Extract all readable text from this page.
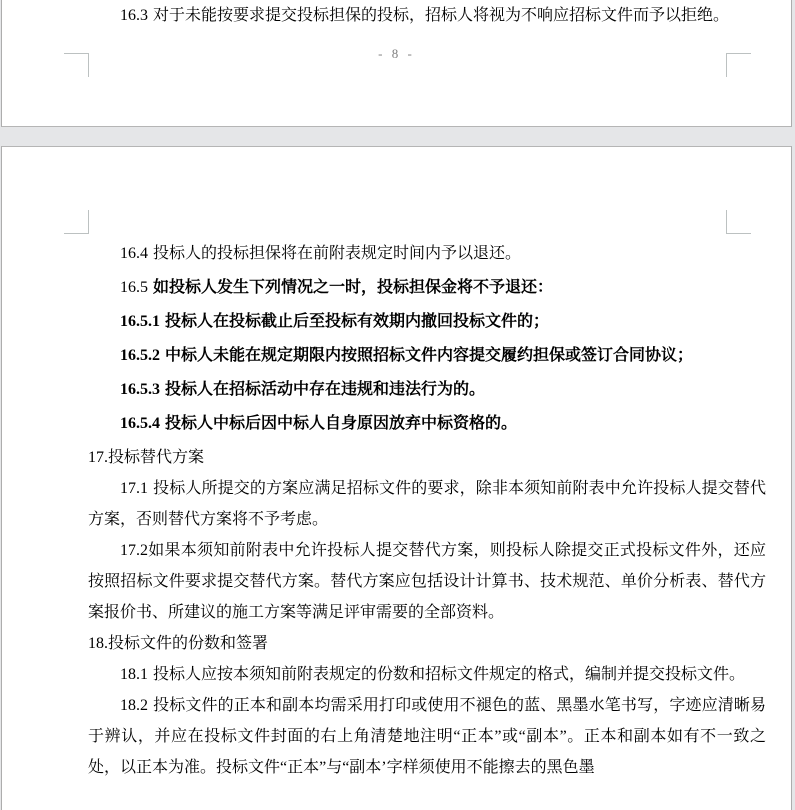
16.3 对于未能按要求提交投标担保的投标，招标人将视为不响应招标文件而予以拒绝。

- 8 -

16.4 投标人的投标担保将在前附表规定时间内予以退还。

16.5 如投标人发生下列情况之一时，投标担保金将不予退还：

16.5.1 投标人在投标截止后至投标有效期内撤回投标文件的；

16.5.2 中标人未能在规定期限内按照招标文件内容提交履约担保或签订合同协议；

16.5.3 投标人在招标活动中存在违规和违法行为的。

16.5.4 投标人中标后因中标人自身原因放弃中标资格的。

17.投标替代方案

17.1 投标人所提交的方案应满足招标文件的要求，除非本须知前附表中允许投标人提交替代方案，否则替代方案将不予考虑。

17.2如果本须知前附表中允许投标人提交替代方案，则投标人除提交正式投标文件外，还应按照招标文件要求提交替代方案。替代方案应包括设计计算书、技术规范、单价分析表、替代方案报价书、所建议的施工方案等满足评审需要的全部资料。

18.投标文件的份数和签署

18.1 投标人应按本须知前附表规定的份数和招标文件规定的格式，编制并提交投标文件。

18.2 投标文件的正本和副本均需采用打印或使用不褪色的蓝、黑墨水笔书写，字迹应清晰易于辨认，并应在投标文件封面的右上角清楚地注明“正本”或“副本”。正本和副本如有不一致之处，以正本为准。投标文件“正本”与“副本’字样须使用不能擦去的黑色墨
